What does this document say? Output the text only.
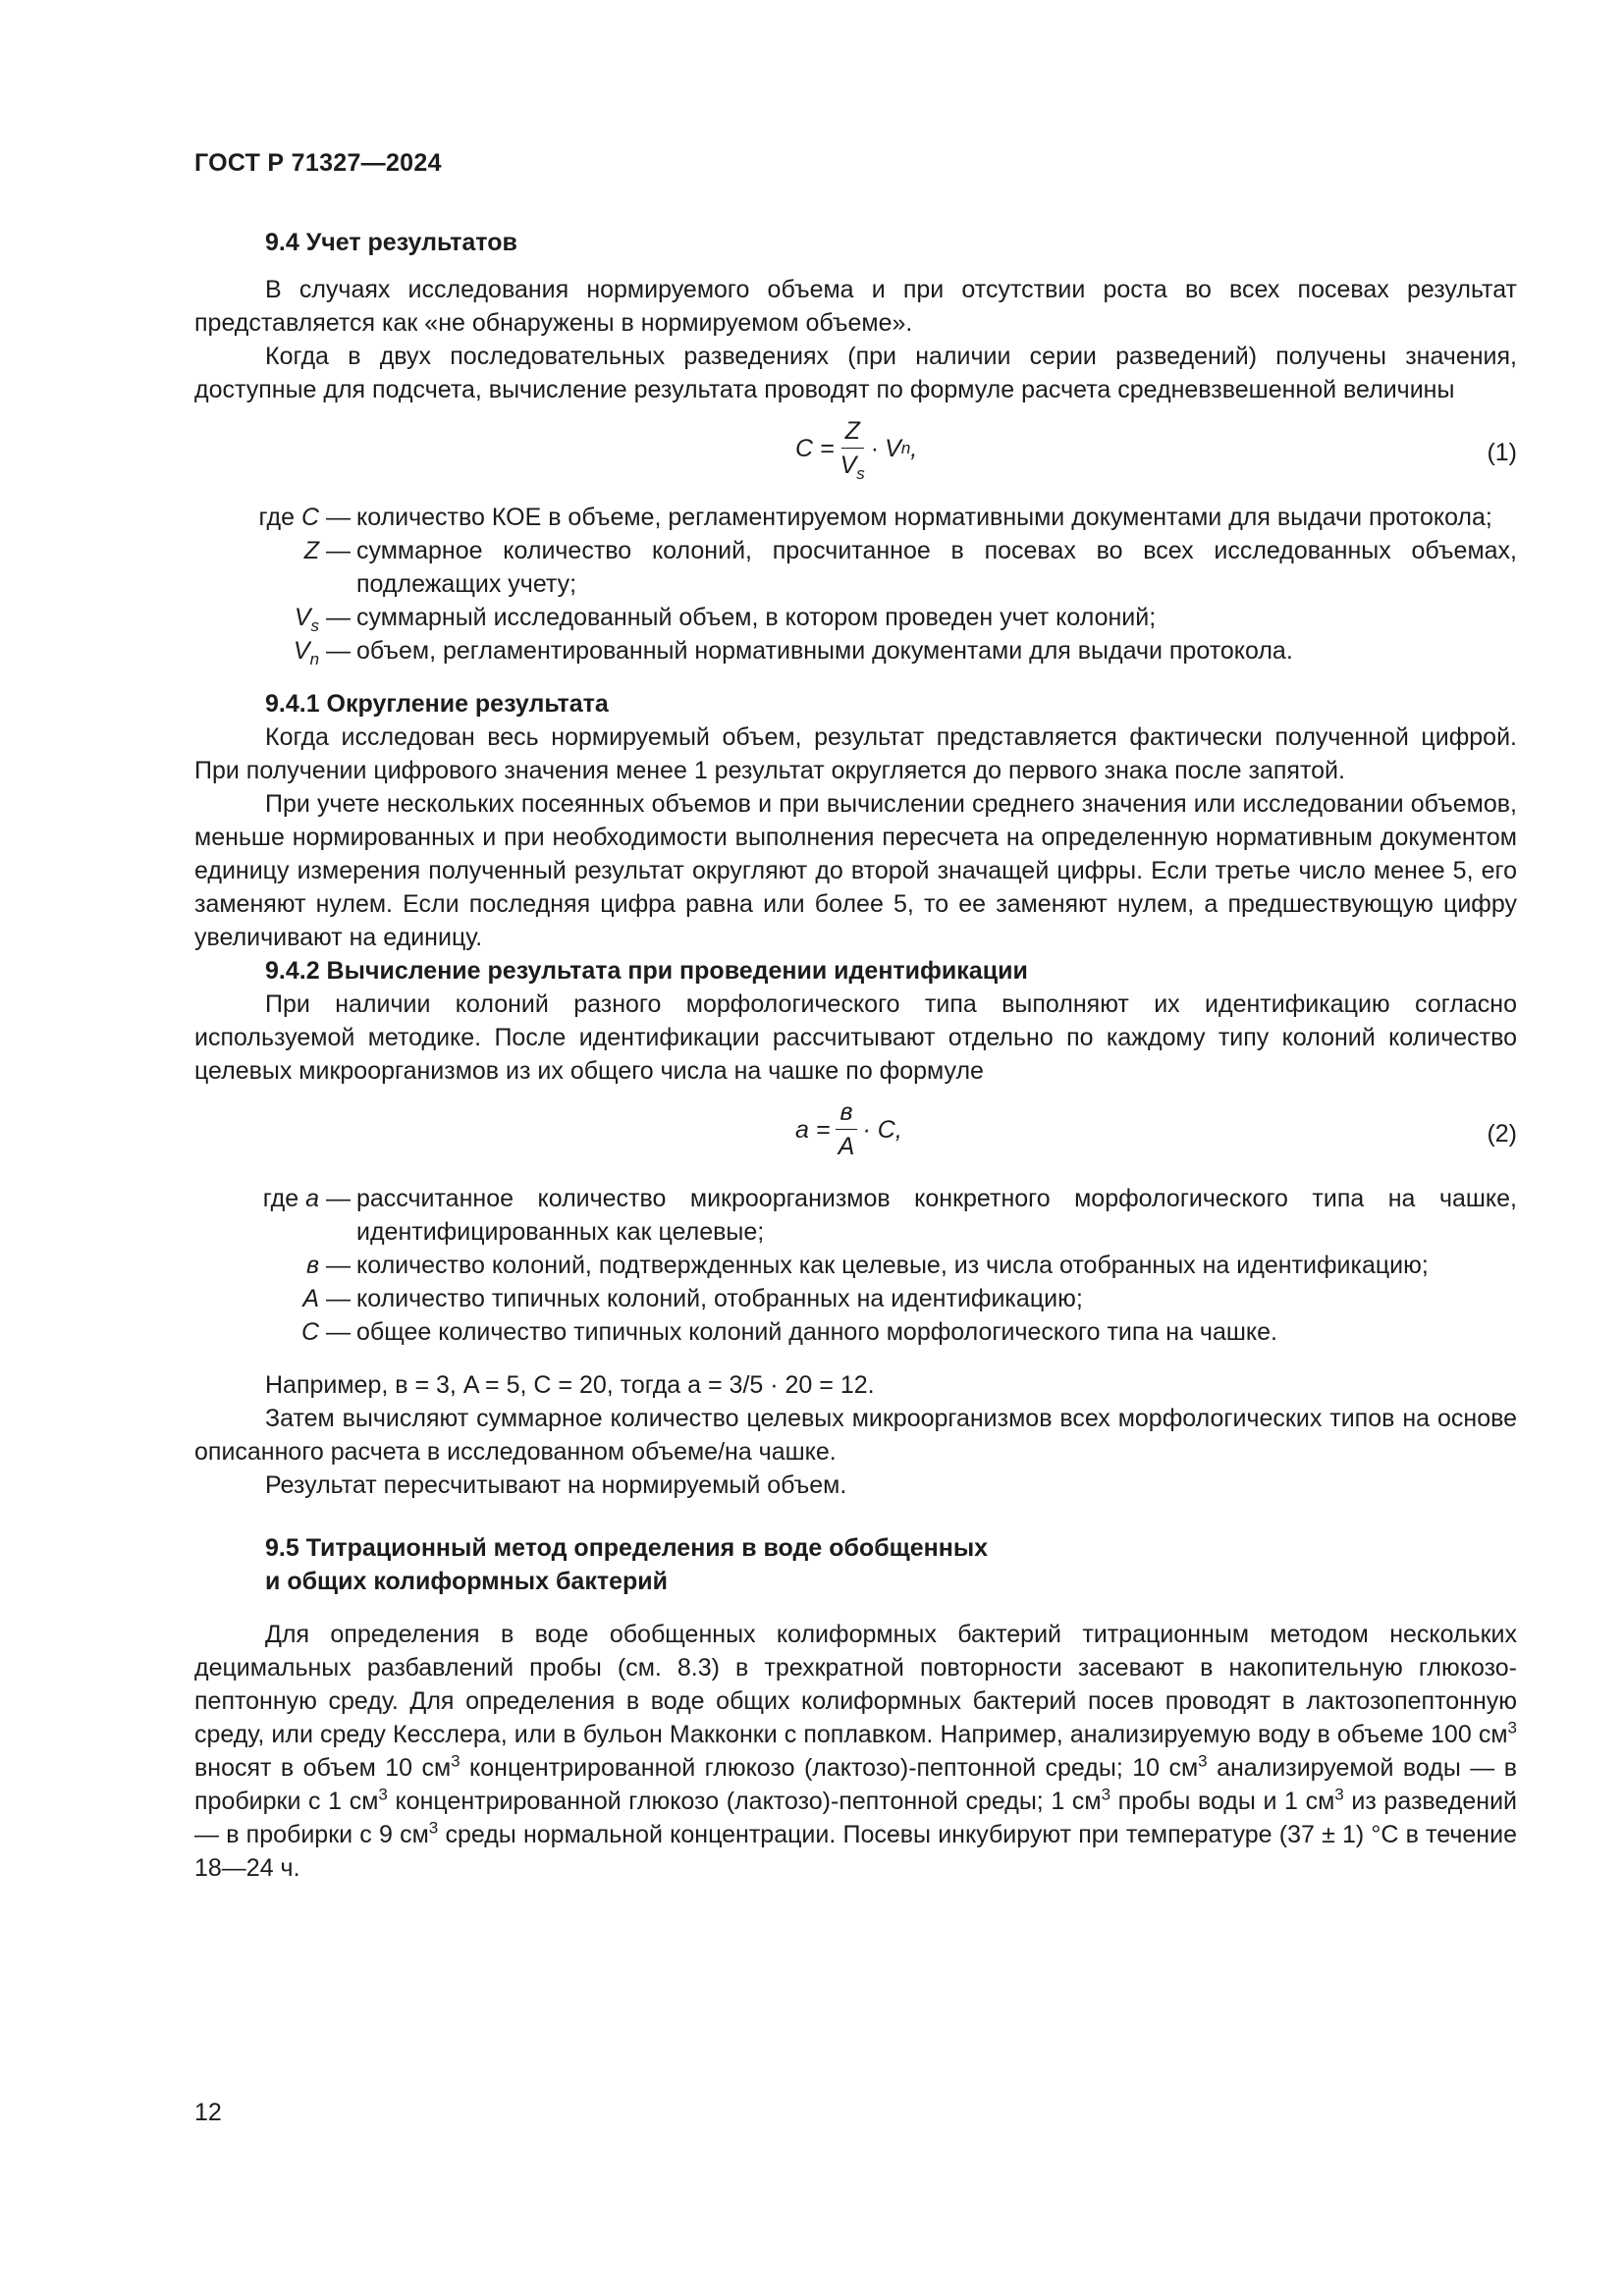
ГОСТ Р 71327—2024

9.4 Учет результатов

В случаях исследования нормируемого объема и при отсутствии роста во всех посевах результат представляется как «не обнаружены в нормируемом объеме».

Когда в двух последовательных разведениях (при наличии серии разведений) получены значения, доступные для подсчета, вычисление результата проводят по формуле расчета средневзвешенной величины

$C = \frac{Z}{V_s} \cdot V$ n ,	(1)
где C — количество КОЕ в объеме, регламентируемом нормативными документами для выдачи протокола;
Z — суммарное количество колоний, просчитанное в посевах во всех исследованных объемах, подлежащих учету;
$V_s$ — суммарный исследованный объем, в котором проведен учет колоний;
$V_n$ — объем, регламентированный нормативными документами для выдачи протокола.

9.4.1 Округление результата

Когда исследован весь нормируемый объем, результат представляется фактически полученной цифрой. При получении цифрового значения менее 1 результат округляется до первого знака после запятой.

При учете нескольких посеянных объемов и при вычислении среднего значения или исследовании объемов, меньше нормированных и при необходимости выполнения пересчета на определенную нормативным документом единицу измерения полученный результат округляют до второй значащей цифры. Если третье число менее 5, его заменяют нулем. Если последняя цифра равна или более 5, то ее заменяют нулем, а предшествующую цифру увеличивают на единицу.

9.4.2 Вычисление результата при проведении идентификации

При наличии колоний разного морфологического типа выполняют их идентификацию согласно используемой методике. После идентификации рассчитывают отдельно по каждому типу колоний количество целевых микроорганизмов из их общего числа на чашке по формуле

$a = \frac{в}{A} \cdot C$,	(2)
где a — рассчитанное количество микроорганизмов конкретного морфологического типа на чашке, идентифицированных как целевые;
в — количество колоний, подтвержденных как целевые, из числа отобранных на идентификацию;
A — количество типичных колоний, отобранных на идентификацию;
C — общее количество типичных колоний данного морфологического типа на чашке.

Например, в = 3, A = 5, C = 20, тогда a = 3/5 · 20 = 12.

Затем вычисляют суммарное количество целевых микроорганизмов всех морфологических типов на основе описанного расчета в исследованном объеме/на чашке.

Результат пересчитывают на нормируемый объем.

9.5 Титрационный метод определения в воде обобщенных
и общих колиформных бактерий

Для определения в воде обобщенных колиформных бактерий титрационным методом нескольких децимальных разбавлений пробы (см. 8.3) в трехкратной повторности засевают в накопительную глюкозо-пептонную среду. Для определения в воде общих колиформных бактерий посев проводят в лактозопептонную среду, или среду Кесслера, или в бульон Макконки с поплавком. Например, анализируемую воду в объеме 100 $см^3$ вносят в объем 10 $см^3$ концентрированной глюкозо (лактозо)-пептонной среды; 10 $см^3$ анализируемой воды — в пробирки с 1 $см^3$ концентрированной глюкозо (лактозо)-пептонной среды; 1 $см^3$ пробы воды и 1 $см^3$ из разведений — в пробирки с 9 $см^3$ среды нормальной концентрации. Посевы инкубируют при температуре (37 ± 1) °С в течение 18—24 ч.

12
